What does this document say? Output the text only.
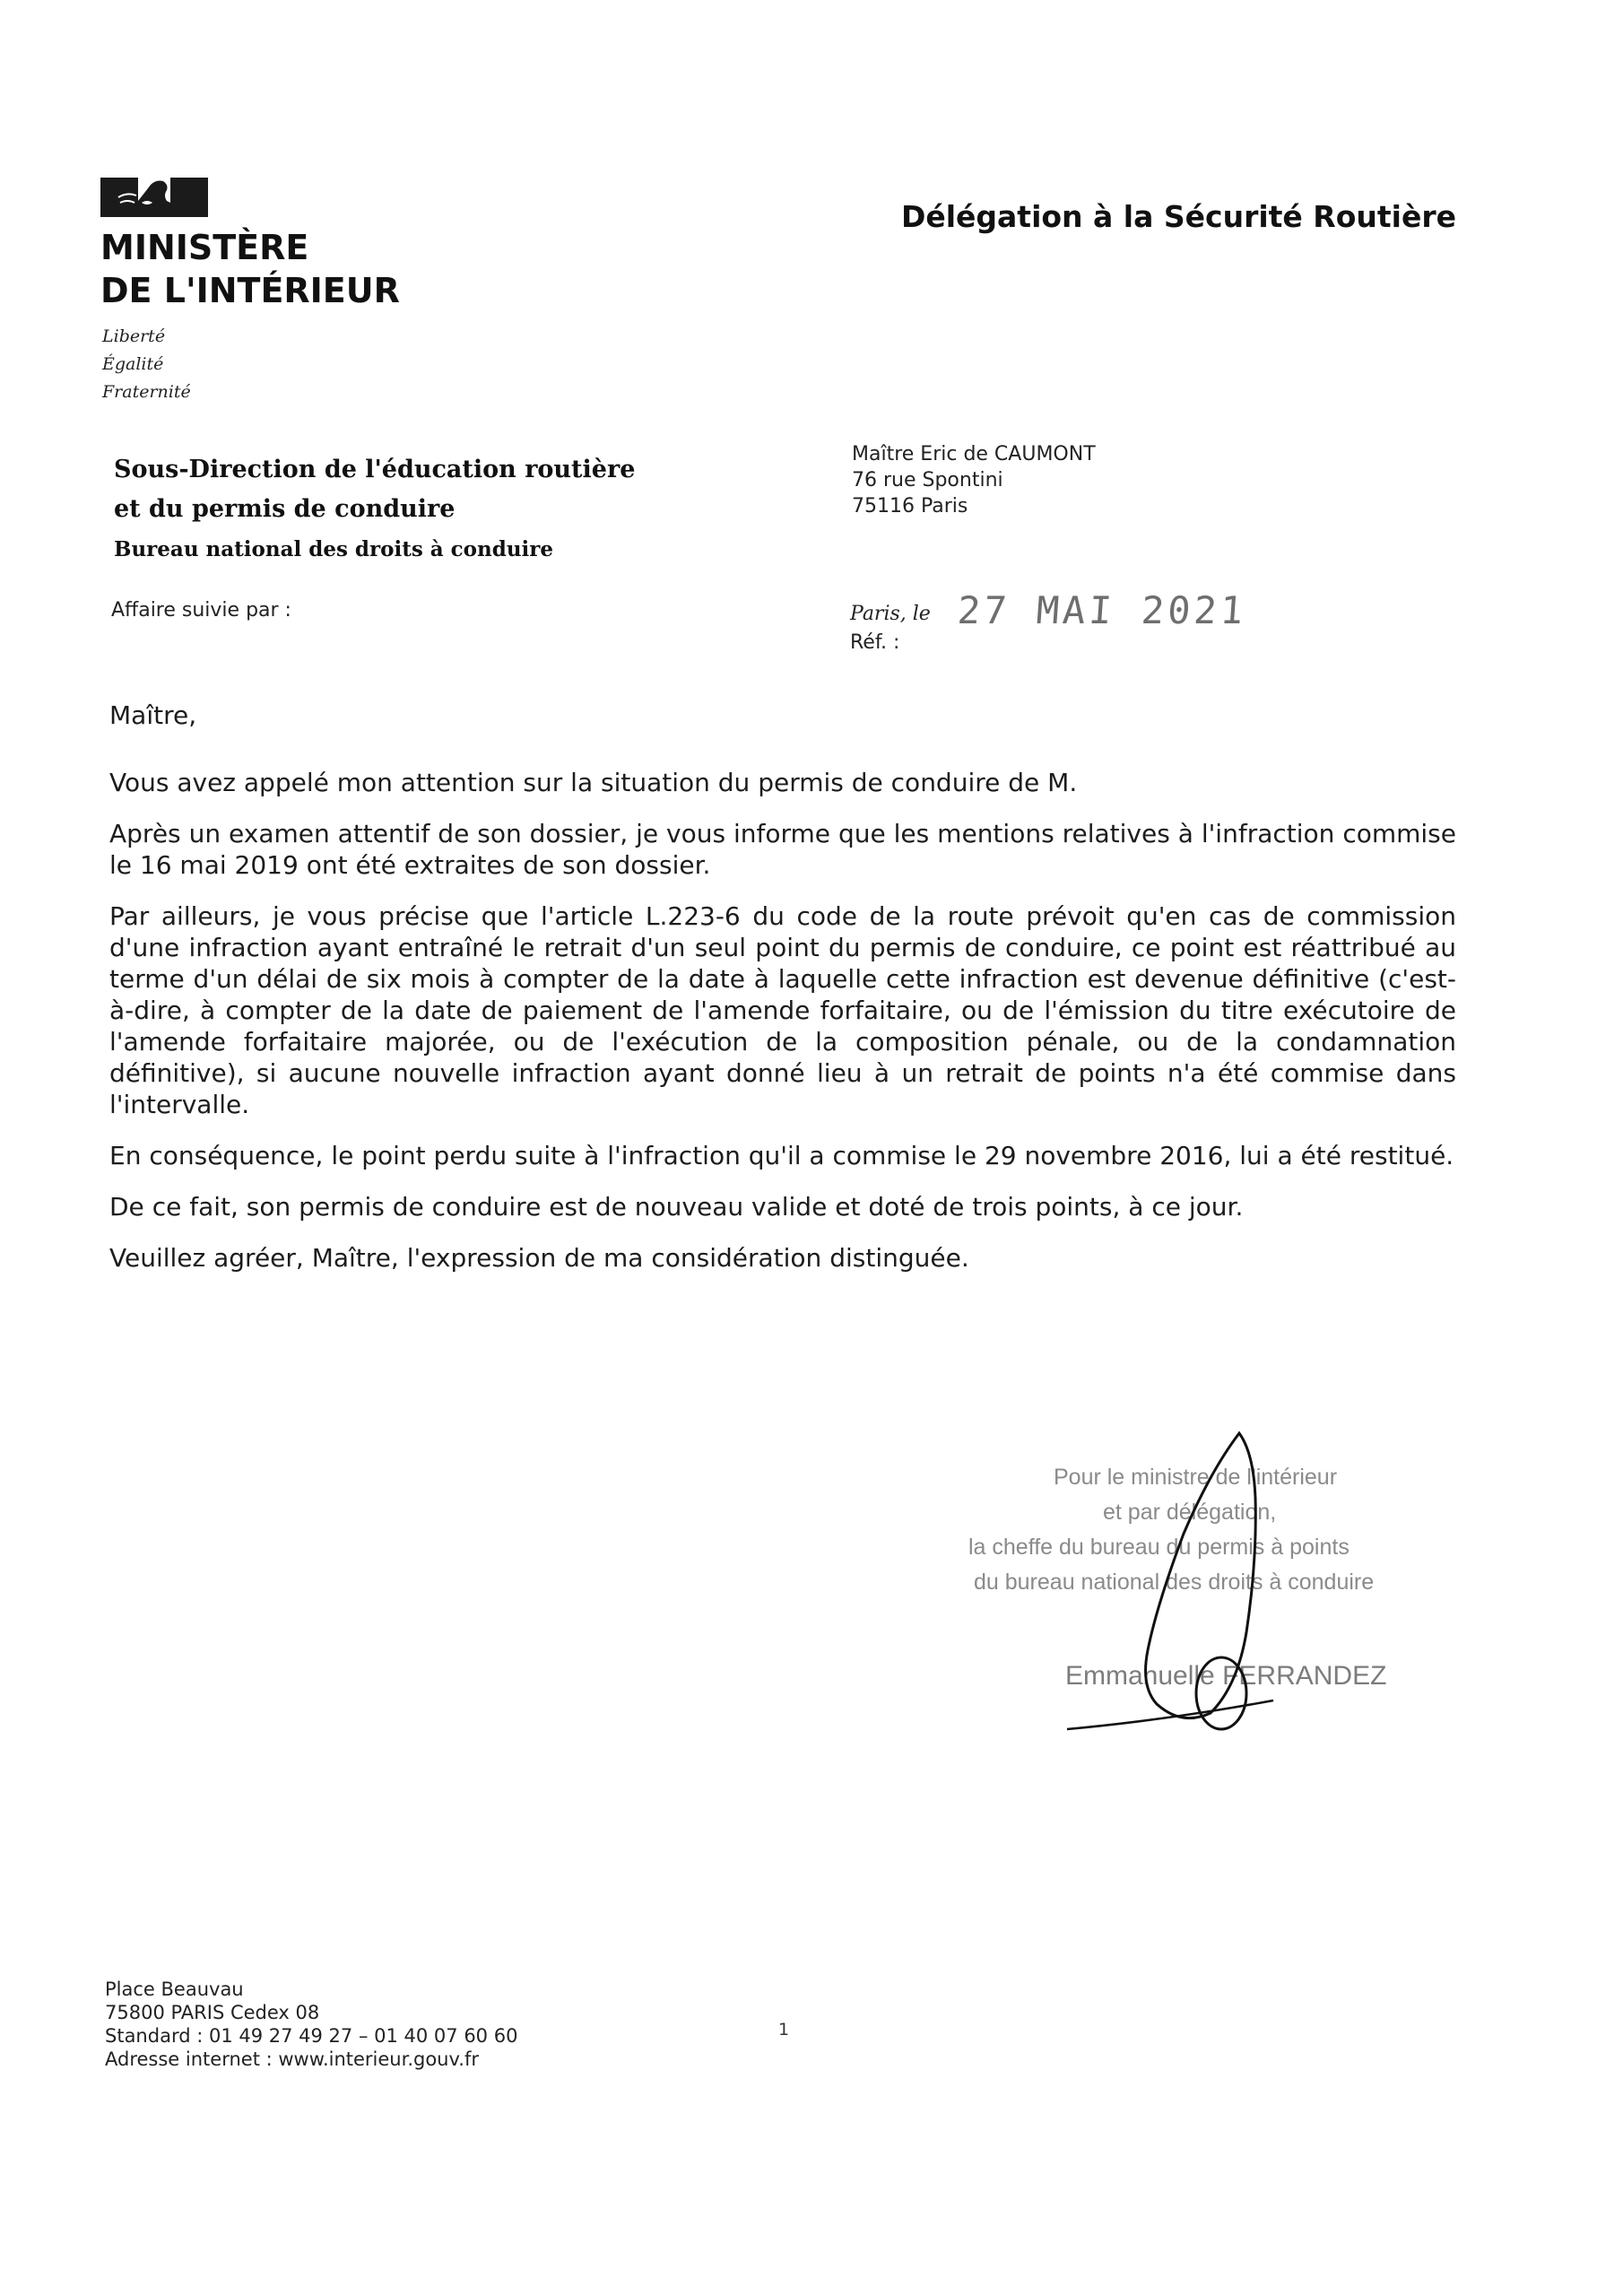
MINISTÈRE
DE L'INTÉRIEUR
Liberté
Égalité
Fraternité
Délégation à la Sécurité Routière
Sous-Direction de l'éducation routière
et du permis de conduire
Bureau national des droits à conduire
Affaire suivie par :
Maître Eric de CAUMONT
76 rue Spontini
75116 Paris
Paris, le 27 MAI 2021
Réf. :

Maître,

Vous avez appelé mon attention sur la situation du permis de conduire de M.

Après un examen attentif de son dossier, je vous informe que les mentions relatives à l'infraction commise le 16 mai 2019 ont été extraites de son dossier.

Par ailleurs, je vous précise que l'article L.223-6 du code de la route prévoit qu'en cas de commission d'une infraction ayant entraîné le retrait d'un seul point du permis de conduire, ce point est réattribué au terme d'un délai de six mois à compter de la date à laquelle cette infraction est devenue définitive (c'est-à-dire, à compter de la date de paiement de l'amende forfaitaire, ou de l'émission du titre exécutoire de l'amende forfaitaire majorée, ou de l'exécution de la composition pénale, ou de la condamnation définitive), si aucune nouvelle infraction ayant donné lieu à un retrait de points n'a été commise dans l'intervalle.

En conséquence, le point perdu suite à l'infraction qu'il a commise le 29 novembre 2016, lui a été restitué.

De ce fait, son permis de conduire est de nouveau valide et doté de trois points, à ce jour.

Veuillez agréer, Maître, l'expression de ma considération distinguée.

Pour le ministre de l'intérieur
et par délégation,
la cheffe du bureau du permis à points
du bureau national des droits à conduire
Emmanuelle FERRANDEZ
Place Beauvau
75800 PARIS Cedex 08
Standard : 01 49 27 49 27 – 01 40 07 60 60
Adresse internet : www.interieur.gouv.fr
1
